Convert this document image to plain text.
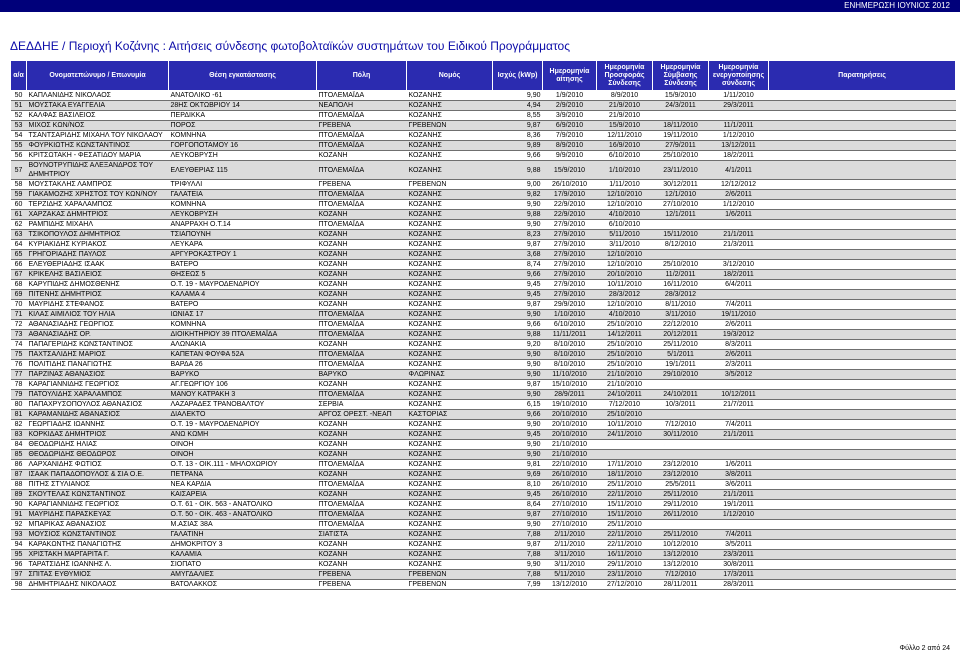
ΕΝΗΜΕΡΩΣΗ ΙΟΥΝΙΟΣ 2012
ΔΕΔΔΗΕ / Περιοχή Κοζάνης : Αιτήσεις σύνδεσης φωτοβολταϊκών συστημάτων του Ειδικού Προγράμματος
α/α	Ονοματεπώνυμο / Επωνυμία	Θέση εγκατάστασης	Πόλη	Νομός	Ισχύς (kWp)	Ημερομηνία αίτησης	Ημερομηνία Προσφοράς Σύνδεσης	Ημερομηνία Σύμβασης Σύνδεσης	Ημερομηνία ενεργοποίησης σύνδεσης	Παρατηρήσεις
50	ΚΑΠΛΑΝΙΔΗΣ ΝΙΚΟΛΑΟΣ	ΑΝΑΤΟΛΙΚΟ -61	ΠΤΟΛΕΜΑΪΔΑ	ΚΟΖΑΝΗΣ	9,90	1/9/2010	8/9/2010	15/9/2010	1/11/2010	
51	ΜΟΥΣΤΑΚΑ ΕΥΑΓΓΕΛΙΑ	28ΗΣ ΟΚΤΩΒΡΙΟΥ 14	ΝΕΑΠΟΛΗ	ΚΟΖΑΝΗΣ	4,94	2/9/2010	21/9/2010	24/3/2011	29/3/2011	
52	ΚΑΛΦΑΣ ΒΑΣΙΛΕΙΟΣ	ΠΕΡΔΙΚΚΑ	ΠΤΟΛΕΜΑΪΔΑ	ΚΟΖΑΝΗΣ	8,55	3/9/2010	21/9/2010			
53	ΜΙΧΟΣ ΚΩΝ/ΝΟΣ	ΠΟΡΟΣ	ΓΡΕΒΕΝΑ	ΓΡΕΒΕΝΩΝ	9,87	6/9/2010	15/9/2010	18/11/2010	11/1/2011	
54	ΤΣΑΝΤΣΑΡΙΔΗΣ ΜΙΧΑΗΛ ΤΟΥ ΝΙΚΟΛΑΟΥ	ΚΟΜΝΗΝΑ	ΠΤΟΛΕΜΑΪΔΑ	ΚΟΖΑΝΗΣ	8,36	7/9/2010	12/11/2010	19/11/2010	1/12/2010	
55	ΦΟΥΡΚΙΩΤΗΣ ΚΩΝΣΤΑΝΤΙΝΟΣ	ΓΟΡΓΟΠΟΤΑΜΟΥ 16	ΠΤΟΛΕΜΑΪΔΑ	ΚΟΖΑΝΗΣ	9,89	8/9/2010	16/9/2010	27/9/2011	13/12/2011	
56	ΚΡΙΤΣΩΤΑΚΗ - ΦΕΣΑΤΙΔΟΥ ΜΑΡΙΑ	ΛΕΥΚΟΒΡΥΣΗ	ΚΟΖΑΝΗ	ΚΟΖΑΝΗΣ	9,66	9/9/2010	6/10/2010	25/10/2010	18/2/2011	
57	ΒΟΥΝΟΤΡΥΠΙΔΗΣ ΑΛΕΞΑΝΔΡΟΣ ΤΟΥ ΔΗΜΗΤΡΙΟΥ	ΕΛΕΥΘΕΡΙΑΣ 115	ΠΤΟΛΕΜΑΪΔΑ	ΚΟΖΑΝΗΣ	9,88	15/9/2010	1/10/2010	23/11/2010	4/1/2011	
58	ΜΟΥΣΤΑΚΛΗΣ ΛΑΜΠΡΟΣ	ΤΡΙΦΥΛΛΙ	ΓΡΕΒΕΝΑ	ΓΡΕΒΕΝΩΝ	9,00	26/10/2010	1/11/2010	30/12/2011	12/12/2012	
59	ΓΙΑΚΑΜΟΖΗΣ ΧΡΗΣΤΟΣ ΤΟΥ ΚΩΝ/ΝΟΥ	ΓΑΛΑΤΕΙΑ	ΠΤΟΛΕΜΑΪΔΑ	ΚΟΖΑΝΗΣ	9,82	17/9/2010	12/10/2010	12/1/2010	2/6/2011	
60	ΤΕΡΖΙΔΗΣ ΧΑΡΑΛΑΜΠΟΣ	ΚΟΜΝΗΝΑ	ΠΤΟΛΕΜΑΪΔΑ	ΚΟΖΑΝΗΣ	9,90	22/9/2010	12/10/2010	27/10/2010	1/12/2010	
61	ΧΑΡΖΑΚΑΣ ΔΗΜΗΤΡΙΟΣ	ΛΕΥΚΟΒΡΥΣΗ	ΚΟΖΑΝΗ	ΚΟΖΑΝΗΣ	9,88	22/9/2010	4/10/2010	12/1/2011	1/6/2011	
62	ΡΑΜΠΙΔΗΣ ΜΙΧΑΗΛ	ΑΝΑΡΡΑΧΗ Ο.Τ.14	ΠΤΟΛΕΜΑΪΔΑ	ΚΟΖΑΝΗΣ	9,90	27/9/2010	6/10/2010			
63	ΤΣΙΚΟΠΟΥΛΟΣ ΔΗΜΗΤΡΙΟΣ	ΤΣΙΑΠΟΥΝΗ	ΚΟΖΑΝΗ	ΚΟΖΑΝΗΣ	8,23	27/9/2010	5/11/2010	15/11/2010	21/1/2011	
64	ΚΥΡΙΑΚΙΔΗΣ ΚΥΡΙΑΚΟΣ	ΛΕΥΚΑΡΑ	ΚΟΖΑΝΗ	ΚΟΖΑΝΗΣ	9,87	27/9/2010	3/11/2010	8/12/2010	21/3/2011	
65	ΓΡΗΓΟΡΙΑΔΗΣ ΠΑΥΛΟΣ	ΑΡΓΥΡΟΚΑΣΤΡΟΥ 1	ΚΟΖΑΝΗ	ΚΟΖΑΝΗΣ	3,68	27/9/2010	12/10/2010			
66	ΕΛΕΥΘΕΡΙΑΔΗΣ ΙΣΑΑΚ	ΒΑΤΕΡΟ	ΚΟΖΑΝΗ	ΚΟΖΑΝΗΣ	8,74	27/9/2010	12/10/2010	25/10/2010	3/12/2010	
67	ΚΡΙΚΕΛΗΣ ΒΑΣΙΛΕΙΟΣ	ΘΗΣΕΩΣ 5	ΚΟΖΑΝΗ	ΚΟΖΑΝΗΣ	9,66	27/9/2010	20/10/2010	11/2/2011	18/2/2011	
68	ΚΑΡΥΠΙΔΗΣ ΔΗΜΟΣΘΕΝΗΣ	Ο.Τ. 19 - ΜΑΥΡΟΔΕΝΔΡΙΟΥ	ΚΟΖΑΝΗ	ΚΟΖΑΝΗΣ	9,45	27/9/2010	10/11/2010	16/11/2010	6/4/2011	
69	ΠΙΤΕΝΗΣ ΔΗΜΗΤΡΙΟΣ	ΚΑΛΑΜΑ 4	ΚΟΖΑΝΗ	ΚΟΖΑΝΗΣ	9,45	27/9/2010	28/3/2012	28/3/2012		
70	ΜΑΥΡΙΔΗΣ ΣΤΕΦΑΝΟΣ	ΒΑΤΕΡΟ	ΚΟΖΑΝΗ	ΚΟΖΑΝΗΣ	9,87	29/9/2010	12/10/2010	8/11/2010	7/4/2011	
71	ΚΙΛΑΣ ΑΙΜΙΛΙΟΣ ΤΟΥ ΗΛΙΑ	ΙΩΝΙΑΣ 17	ΠΤΟΛΕΜΑΪΔΑ	ΚΟΖΑΝΗΣ	9,90	1/10/2010	4/10/2010	3/11/2010	19/11/2010	
72	ΑΘΑΝΑΣΙΑΔΗΣ ΓΕΩΡΓΙΟΣ	ΚΟΜΝΗΝΑ	ΠΤΟΛΕΜΑΪΔΑ	ΚΟΖΑΝΗΣ	9,66	6/10/2010	25/10/2010	22/12/2010	2/6/2011	
73	ΑΘΑΝΑΣΙΑΔΗΣ ΟΡ.	ΔΙΟΙΚΗΤΗΡΙΟΥ 39 ΠΤΟΛΕΜΑΪΔΑ	ΠΤΟΛΕΜΑΪΔΑ	ΚΟΖΑΝΗΣ	9,88	11/11/2011	14/12/2011	20/12/2011	19/3/2012	
74	ΠΑΠΑΓΕΡΙΔΗΣ ΚΩΝΣΤΑΝΤΙΝΟΣ	ΑΛΩΝΑΚΙΑ	ΚΟΖΑΝΗ	ΚΟΖΑΝΗΣ	9,20	8/10/2010	25/10/2010	25/11/2010	8/3/2011	
75	ΠΑΧΤΣΑΛΙΔΗΣ ΜΑΡΙΟΣ	ΚΑΠΕΤΑΝ ΦΟΥΦΑ 52Α	ΠΤΟΛΕΜΑΪΔΑ	ΚΟΖΑΝΗΣ	9,90	8/10/2010	25/10/2010	5/1/2011	2/6/2011	
76	ΠΟΛΙΤΙΔΗΣ ΠΑΝΑΓΙΩΤΗΣ	ΒΑΡΔΑ 26	ΠΤΟΛΕΜΑΪΔΑ	ΚΟΖΑΝΗΣ	9,90	8/10/2010	25/10/2010	19/1/2011	2/3/2011	
77	ΠΑΡΖΙΝΑΣ ΑΘΑΝΑΣΙΟΣ	ΒΑΡΥΚΟ	ΒΑΡΥΚΟ	ΦΛΩΡΙΝΑΣ	9,90	11/10/2010	21/10/2010	29/10/2010	3/5/2012	
78	ΚΑΡΑΓΙΑΝΝΙΔΗΣ ΓΕΩΡΓΙΟΣ	ΑΓ.ΓΕΩΡΓΙΟΥ 106	ΚΟΖΑΝΗ	ΚΟΖΑΝΗΣ	9,87	15/10/2010	21/10/2010			
79	ΠΑΤΟΥΛΙΔΗΣ ΧΑΡΑΛΑΜΠΟΣ	ΜΑΝΟΥ ΚΑΤΡΑΚΗ 3	ΠΤΟΛΕΜΑΪΔΑ	ΚΟΖΑΝΗΣ	9,90	28/9/2011	24/10/2011	24/10/2011	10/12/2011	
80	ΠΑΠΑΧΡΥΣΟΠΟΥΛΟΣ ΑΘΑΝΑΣΙΟΣ	ΛΑΖΑΡΑΔΕΣ ΤΡΑΝΟΒΑΛΤΟΥ	ΣΕΡΒΙΑ	ΚΟΖΑΝΗΣ	6,15	19/10/2010	7/12/2010	10/3/2011	21/7/2011	
81	ΚΑΡΑΜΑΝΙΔΗΣ ΑΘΑΝΑΣΙΟΣ	ΔΙΑΛΕΚΤΟ	ΑΡΓΟΣ ΟΡΕΣΤ. -ΝΕΑΠ	ΚΑΣΤΟΡΙΑΣ	9,66	20/10/2010	25/10/2010			
82	ΓΕΩΡΓΙΑΔΗΣ ΙΩΑΝΝΗΣ	Ο.Τ. 19 - ΜΑΥΡΟΔΕΝΔΡΙΟΥ	ΚΟΖΑΝΗ	ΚΟΖΑΝΗΣ	9,90	20/10/2010	10/11/2010	7/12/2010	7/4/2011	
83	ΚΟΡΚΙΔΑΣ ΔΗΜΗΤΡΙΟΣ	ΑΝΩ ΚΩΜΗ	ΚΟΖΑΝΗ	ΚΟΖΑΝΗΣ	9,45	20/10/2010	24/11/2010	30/11/2010	21/1/2011	
84	ΘΕΟΔΩΡΙΔΗΣ ΗΛΙΑΣ	ΟΙΝΟΗ	ΚΟΖΑΝΗ	ΚΟΖΑΝΗΣ	9,90	21/10/2010				
85	ΘΕΟΔΩΡΙΔΗΣ ΘΕΟΔΩΡΟΣ	ΟΙΝΟΗ	ΚΟΖΑΝΗ	ΚΟΖΑΝΗΣ	9,90	21/10/2010				
86	ΛΑΡΧΑΝΙΔΗΣ ΦΩΤΙΟΣ	Ο.Τ. 13 - ΟΙΚ.111 - ΜΗΛΟΧΩΡΙΟΥ	ΠΤΟΛΕΜΑΪΔΑ	ΚΟΖΑΝΗΣ	9,81	22/10/2010	17/11/2010	23/12/2010	1/6/2011	
87	ΙΣΑΑΚ ΠΑΠΑΔΟΠΟΥΛΟΣ & ΣΙΑ Ο.Ε.	ΠΕΤΡΑΝΑ	ΚΟΖΑΝΗ	ΚΟΖΑΝΗΣ	9,69	26/10/2010	18/11/2010	23/12/2010	3/8/2011	
88	ΠΙΤΗΣ ΣΤΥΛΙΑΝΟΣ	ΝΕΑ ΚΑΡΔΙΑ	ΠΤΟΛΕΜΑΪΔΑ	ΚΟΖΑΝΗΣ	8,10	26/10/2010	25/11/2010	25/5/2011	3/6/2011	
89	ΣΚΟΥΤΕΛΑΣ ΚΩΝΣΤΑΝΤΙΝΟΣ	ΚΑΙΣΑΡΕΙΑ	ΚΟΖΑΝΗ	ΚΟΖΑΝΗΣ	9,45	26/10/2010	22/11/2010	25/11/2010	21/1/2011	
90	ΚΑΡΑΓΙΑΝΝΙΔΗΣ ΓΕΩΡΓΙΟΣ	Ο.Τ. 61 - ΟΙΚ. 563 - ΑΝΑΤΟΛΙΚΟ	ΠΤΟΛΕΜΑΪΔΑ	ΚΟΖΑΝΗΣ	8,64	27/10/2010	15/11/2010	29/11/2010	19/1/2011	
91	ΜΑΥΡΙΔΗΣ ΠΑΡΑΣΚΕΥΑΣ	Ο.Τ. 50 - ΟΙΚ. 463 - ΑΝΑΤΟΛΙΚΟ	ΠΤΟΛΕΜΑΪΔΑ	ΚΟΖΑΝΗΣ	9,87	27/10/2010	15/11/2010	26/11/2010	1/12/2010	
92	ΜΠΑΡΙΚΑΣ ΑΘΑΝΑΣΙΟΣ	Μ.ΑΣΙΑΣ 38Α	ΠΤΟΛΕΜΑΪΔΑ	ΚΟΖΑΝΗΣ	9,90	27/10/2010	25/11/2010			
93	ΜΟΥΣΙΟΣ ΚΩΝΣΤΑΝΤΙΝΟΣ	ΓΑΛΑΤΙΝΗ	ΣΙΑΤΙΣΤΑ	ΚΟΖΑΝΗΣ	7,88	2/11/2010	22/11/2010	25/11/2010	7/4/2011	
94	ΚΑΡΑΚΩΝΤΗΣ ΠΑΝΑΓΙΩΤΗΣ	ΔΗΜΟΚΡΙΤΟΥ 3	ΚΟΖΑΝΗ	ΚΟΖΑΝΗΣ	9,87	2/11/2010	22/11/2010	10/12/2010	3/5/2011	
95	ΧΡΙΣΤΑΚΗ ΜΑΡΓΑΡΙΤΑ Γ.	ΚΑΛΑΜΙΑ	ΚΟΖΑΝΗ	ΚΟΖΑΝΗΣ	7,88	3/11/2010	16/11/2010	13/12/2010	23/3/2011	
96	ΤΑΡΑΤΣΙΔΗΣ ΙΩΑΝΝΗΣ Λ.	ΣΙΟΠΑΤΟ	ΚΟΖΑΝΗ	ΚΟΖΑΝΗΣ	9,90	3/11/2010	29/11/2010	13/12/2010	30/8/2011	
97	ΣΠΙΤΑΣ ΕΥΘΥΜΙΟΣ	ΑΜΥΓΔΑΛΙΕΣ	ΓΡΕΒΕΝΑ	ΓΡΕΒΕΝΩΝ	7,88	5/11/2010	23/11/2010	7/12/2010	17/3/2011	
98	ΔΗΜΗΤΡΙΑΔΗΣ ΝΙΚΟΛΑΟΣ	ΒΑΤΟΛΑΚΚΟΣ	ΓΡΕΒΕΝΑ	ΓΡΕΒΕΝΩΝ	7,99	13/12/2010	27/12/2010	28/11/2011	28/3/2011	
Φύλλο 2 από 24
